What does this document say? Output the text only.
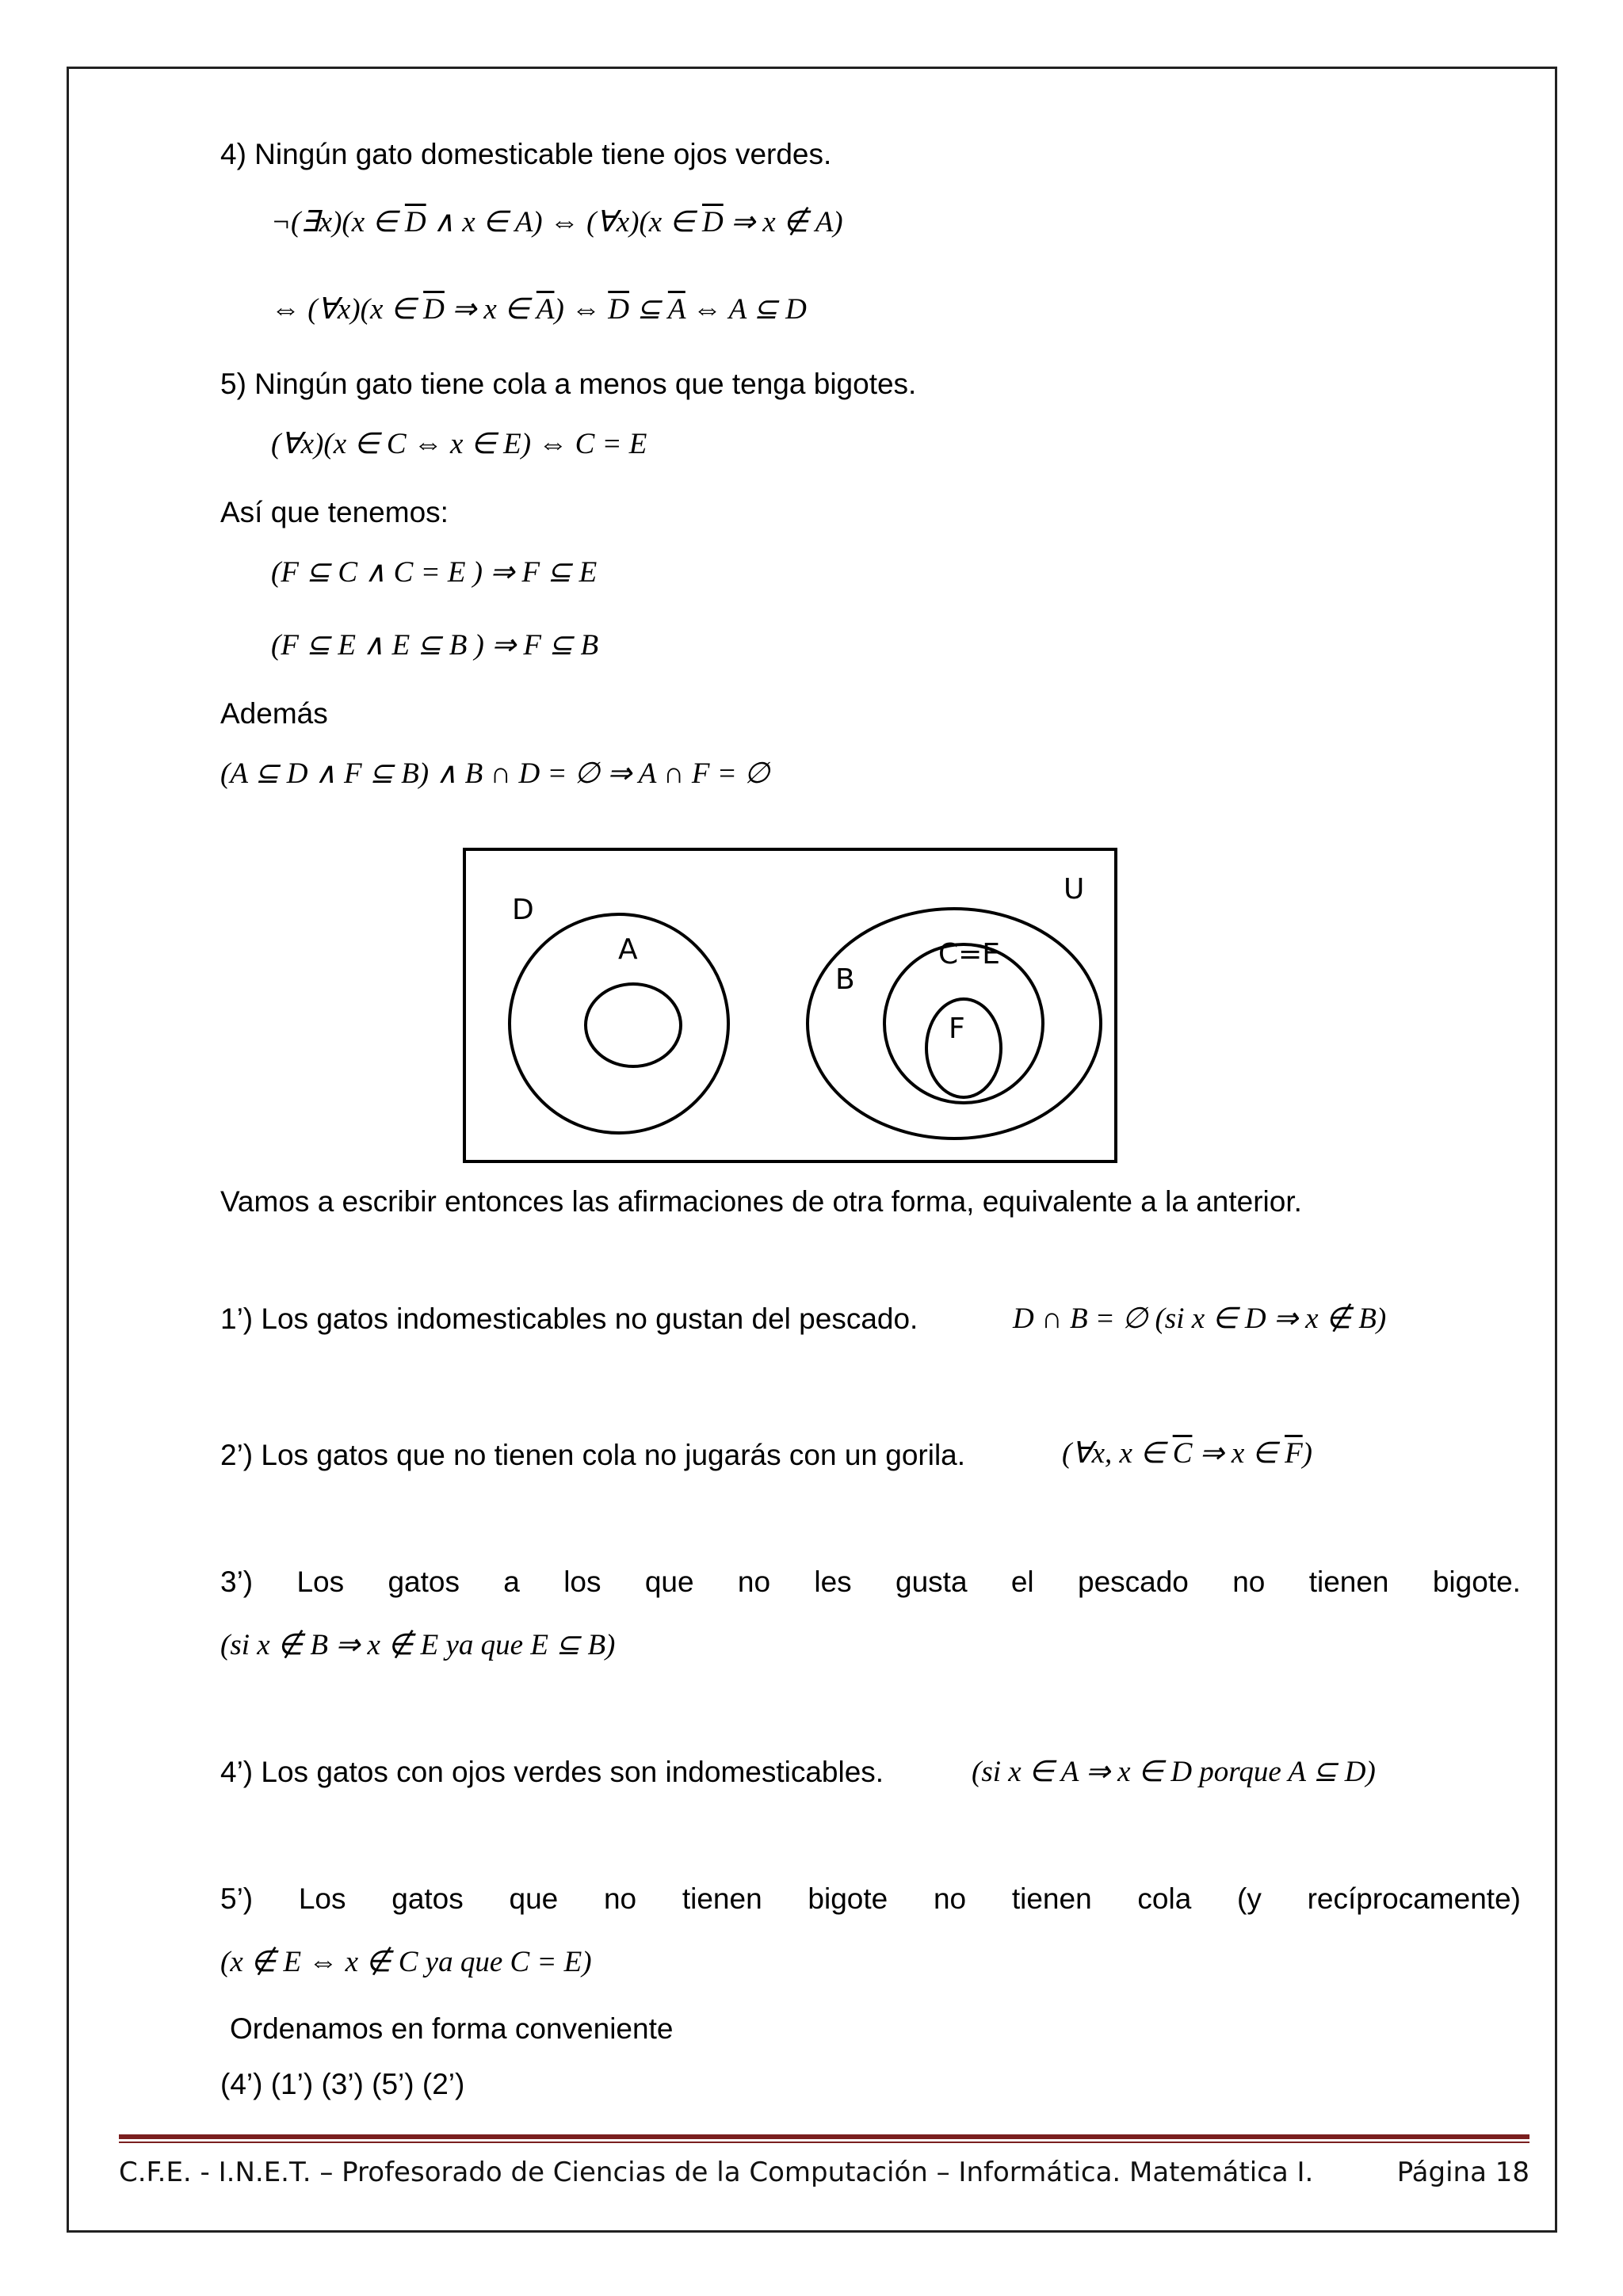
4) Ningún gato domesticable tiene ojos verdes.
¬(∃x)(x ∈ $\overline{D}$ ∧ x ∈ A) ⇔ (∀x)(x ∈ $\overline{D}$ ⇒ x ∉ A)
⇔ (∀x)(x ∈ $\overline{D}$ ⇒ x ∈ $\overline{A}$) ⇔ $\overline{D}$ ⊆ $\overline{A}$ ⇔ A ⊆ D
5) Ningún gato tiene cola a menos que tenga bigotes.
(∀x)(x ∈ C ⇔ x ∈ E) ⇔ C = E
Así que tenemos:
(F ⊆ C ∧ C = E ) ⇒ F ⊆ E
(F ⊆ E ∧ E ⊆ B ) ⇒ F ⊆ B
Además
(A ⊆ D ∧ F ⊆ B) ∧ B ∩ D = ∅ ⇒ A ∩ F = ∅
U
D
A
B
C=E
F
Vamos a escribir entonces las afirmaciones de otra forma, equivalente a la anterior.
1’) Los gatos indomesticables no gustan del pescado.	D ∩ B = ∅ (si x ∈ D ⇒ x ∉ B)
2’) Los gatos que no tienen cola no jugarás con un gorila.	(∀x, x ∈ $\overline{C}$ ⇒ x ∈ $\overline{F}$)
3’) Los gatos a los que no les gusta el pescado no tienen bigote.
(si x ∉ B ⇒ x ∉ E ya que E ⊆ B)
4’) Los gatos con ojos verdes son indomesticables.	(si x ∈ A ⇒ x ∈ D porque A ⊆ D)
5’) Los gatos que no tienen bigote no tienen cola (y recíprocamente)
(x ∉ E ⇔ x ∉ C ya que C = E)
Ordenamos en forma conveniente
(4’) (1’) (3’) (5’) (2’)
C.F.E. - I.N.E.T. – Profesorado de Ciencias de la Computación – Informática. Matemática I.	Página 18
